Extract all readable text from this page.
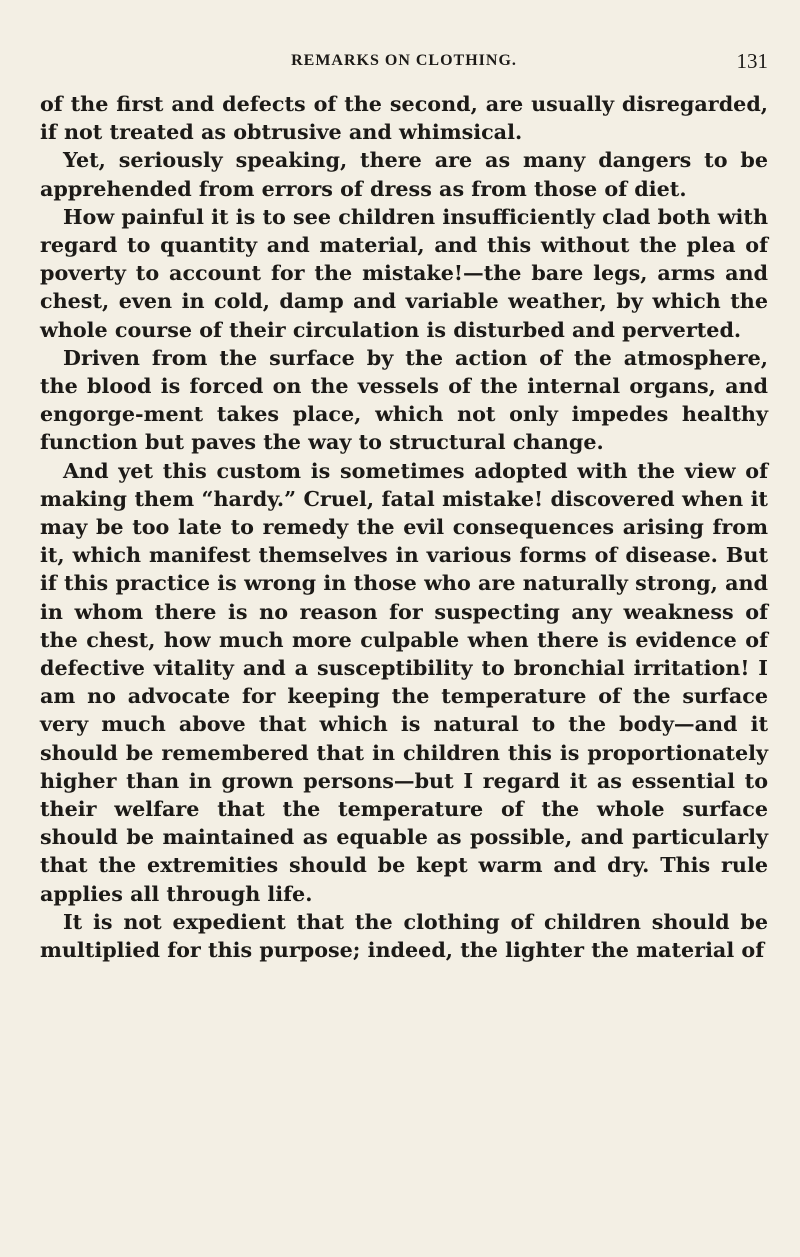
REMARKS ON CLOTHING.	131

of the first and defects of the second, are usually disregarded, if not treated as obtrusive and whimsical.

Yet, seriously speaking, there are as many dangers to be apprehended from errors of dress as from those of diet.

How painful it is to see children insufficiently clad both with regard to quantity and material, and this without the plea of poverty to account for the mistake!—the bare legs, arms and chest, even in cold, damp and variable weather, by which the whole course of their circulation is disturbed and perverted.

Driven from the surface by the action of the atmosphere, the blood is forced on the vessels of the internal organs, and engorge-ment takes place, which not only impedes healthy function but paves the way to structural change.

And yet this custom is sometimes adopted with the view of making them “hardy.” Cruel, fatal mistake! discovered when it may be too late to remedy the evil consequences arising from it, which manifest themselves in various forms of disease. But if this practice is wrong in those who are naturally strong, and in whom there is no reason for suspecting any weakness of the chest, how much more culpable when there is evidence of defective vitality and a susceptibility to bronchial irritation! I am no advocate for keeping the temperature of the surface very much above that which is natural to the body—and it should be remembered that in children this is proportionately higher than in grown persons—but I regard it as essential to their welfare that the temperature of the whole surface should be maintained as equable as possible, and particularly that the extremities should be kept warm and dry. This rule applies all through life.

It is not expedient that the clothing of children should be multiplied for this purpose; indeed, the lighter the material of
